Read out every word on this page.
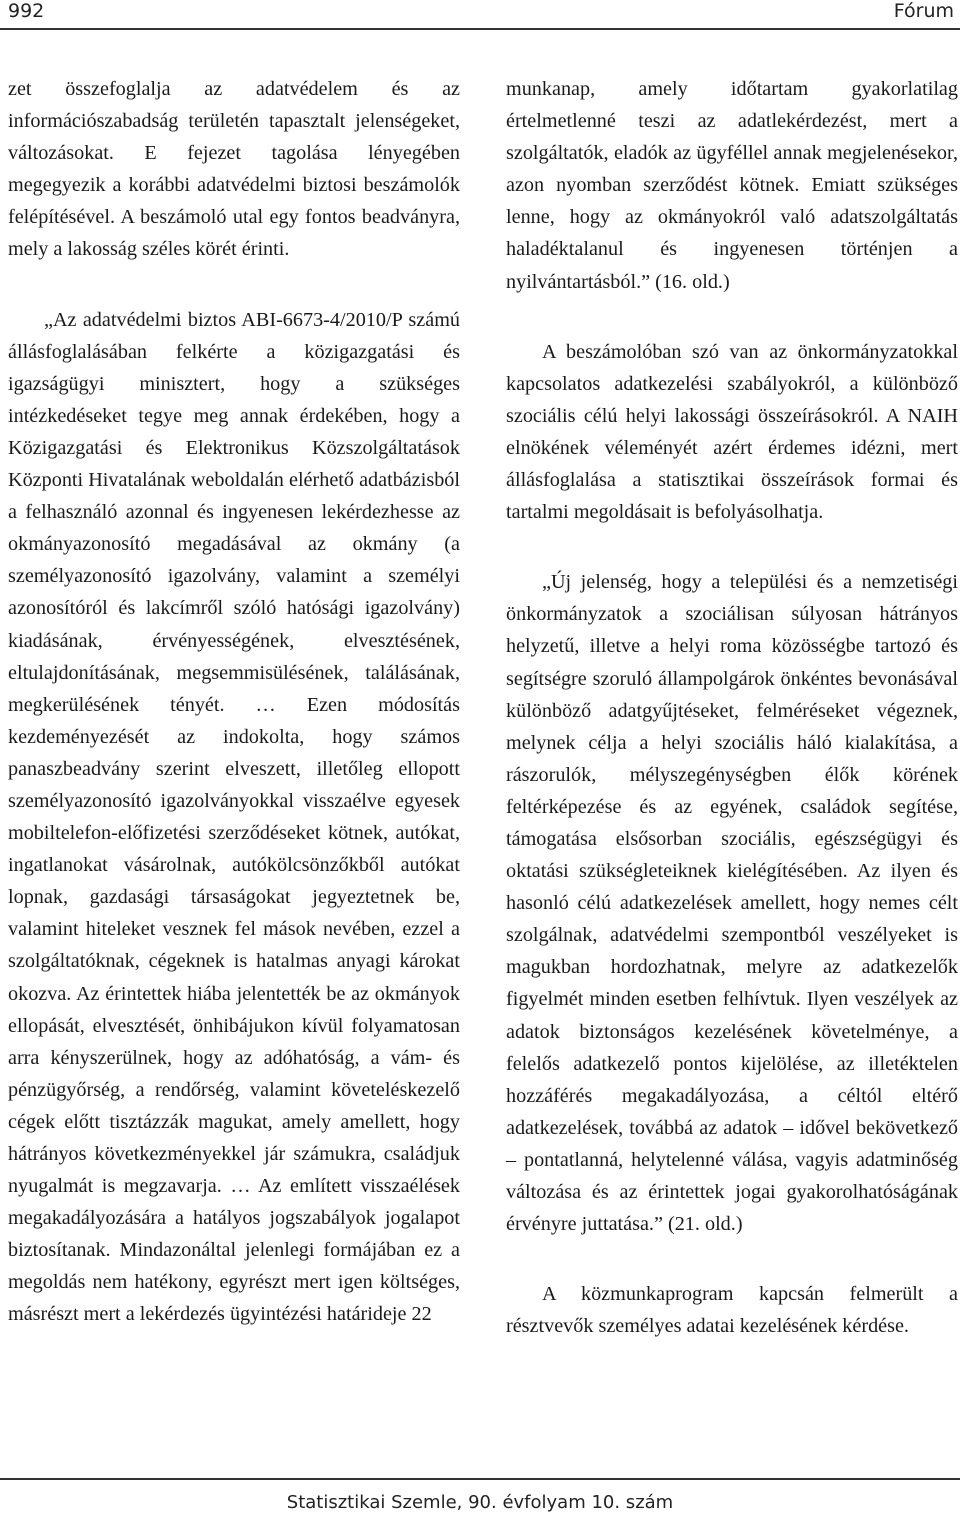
992	Fórum

zet összefoglalja az adatvédelem és az információszabadság területén tapasztalt jelenségeket, változásokat. E fejezet tagolása lényegében megegyezik a korábbi adatvédelmi biztosi beszámolók felépítésével. A beszámoló utal egy fontos beadványra, mely a lakosság széles körét érinti.

„Az adatvédelmi biztos ABI-6673-4/2010/P számú állásfoglalásában felkérte a közigazgatási és igazságügyi minisztert, hogy a szükséges intézkedéseket tegye meg annak érdekében, hogy a Közigazgatási és Elektronikus Közszolgáltatások Központi Hivatalának weboldalán elérhető adatbázisból a felhasználó azonnal és ingyenesen lekérdezhesse az okmányazonosító megadásával az okmány (a személyazonosító igazolvány, valamint a személyi azonosítóról és lakcímről szóló hatósági igazolvány) kiadásának, érvényességének, elvesztésének, eltulajdonításának, megsemmisülésének, találásának, megkerülésének tényét. … Ezen módosítás kezdeményezését az indokolta, hogy számos panaszbeadvány szerint elveszett, illetőleg ellopott személyazonosító igazolványokkal visszaélve egyesek mobiltelefon-előfizetési szerződéseket kötnek, autókat, ingatlanokat vásárolnak, autókölcsönzőkből autókat lopnak, gazdasági társaságokat jegyeztetnek be, valamint hiteleket vesznek fel mások nevében, ezzel a szolgáltatóknak, cégeknek is hatalmas anyagi károkat okozva. Az érintettek hiába jelentették be az okmányok ellopását, elvesztését, önhibájukon kívül folyamatosan arra kényszerülnek, hogy az adóhatóság, a vám- és pénzügyőrség, a rendőrség, valamint követeléskezelő cégek előtt tisztázzák magukat, amely amellett, hogy hátrányos következményekkel jár számukra, családjuk nyugalmát is megzavarja. … Az említett visszaélések megakadályozására a hatályos jogszabályok jogalapot biztosítanak. Mindazonáltal jelenlegi formájában ez a megoldás nem hatékony, egyrészt mert igen költséges, másrészt mert a lekérdezés ügyintézési határideje 22

munkanap, amely időtartam gyakorlatilag értelmetlenné teszi az adatlekérdezést, mert a szolgáltatók, eladók az ügyféllel annak megjelenésekor, azon nyomban szerződést kötnek. Emiatt szükséges lenne, hogy az okmányokról való adatszolgáltatás haladéktalanul és ingyenesen történjen a nyilvántartásból.” (16. old.)

A beszámolóban szó van az önkormányzatokkal kapcsolatos adatkezelési szabályokról, a különböző szociális célú helyi lakossági összeírásokról. A NAIH elnökének véleményét azért érdemes idézni, mert állásfoglalása a statisztikai összeírások formai és tartalmi megoldásait is befolyásolhatja.

„Új jelenség, hogy a települési és a nemzetiségi önkormányzatok a szociálisan súlyosan hátrányos helyzetű, illetve a helyi roma közösségbe tartozó és segítségre szoruló állampolgárok önkéntes bevonásával különböző adatgyűjtéseket, felméréseket végeznek, melynek célja a helyi szociális háló kialakítása, a rászorulók, mélyszegénységben élők körének feltérképezése és az egyének, családok segítése, támogatása elsősorban szociális, egészségügyi és oktatási szükségleteiknek kielégítésében. Az ilyen és hasonló célú adatkezelések amellett, hogy nemes célt szolgálnak, adatvédelmi szempontból veszélyeket is magukban hordozhatnak, melyre az adatkezelők figyelmét minden esetben felhívtuk. Ilyen veszélyek az adatok biztonságos kezelésének követelménye, a felelős adatkezelő pontos kijelölése, az illetéktelen hozzáférés megakadályozása, a céltól eltérő adatkezelések, továbbá az adatok – idővel bekövetkező – pontatlanná, helytelenné válása, vagyis adatminőség változása és az érintettek jogai gyakorolhatóságának érvényre juttatása.” (21. old.)

A közmunkaprogram kapcsán felmerült a résztvevők személyes adatai kezelésének kérdése.

Statisztikai Szemle, 90. évfolyam 10. szám
